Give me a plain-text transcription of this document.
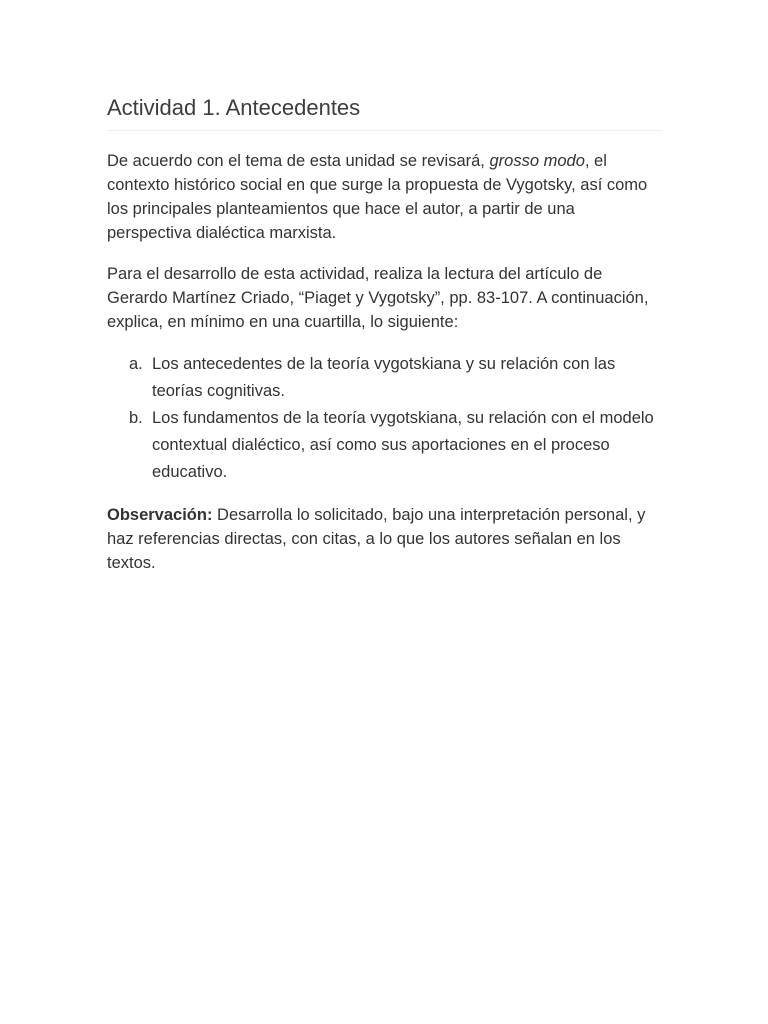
Actividad 1. Antecedentes

De acuerdo con el tema de esta unidad se revisará, grosso modo, el contexto histórico social en que surge la propuesta de Vygotsky, así como los principales planteamientos que hace el autor, a partir de una perspectiva dialéctica marxista.

Para el desarrollo de esta actividad, realiza la lectura del artículo de Gerardo Martínez Criado, “Piaget y Vygotsky”, pp. 83-107. A continuación, explica, en mínimo en una cuartilla, lo siguiente:

a. Los antecedentes de la teoría vygotskiana y su relación con las teorías cognitivas.
b. Los fundamentos de la teoría vygotskiana, su relación con el modelo contextual dialéctico, así como sus aportaciones en el proceso educativo.

Observación: Desarrolla lo solicitado, bajo una interpretación personal, y haz referencias directas, con citas, a lo que los autores señalan en los textos.
